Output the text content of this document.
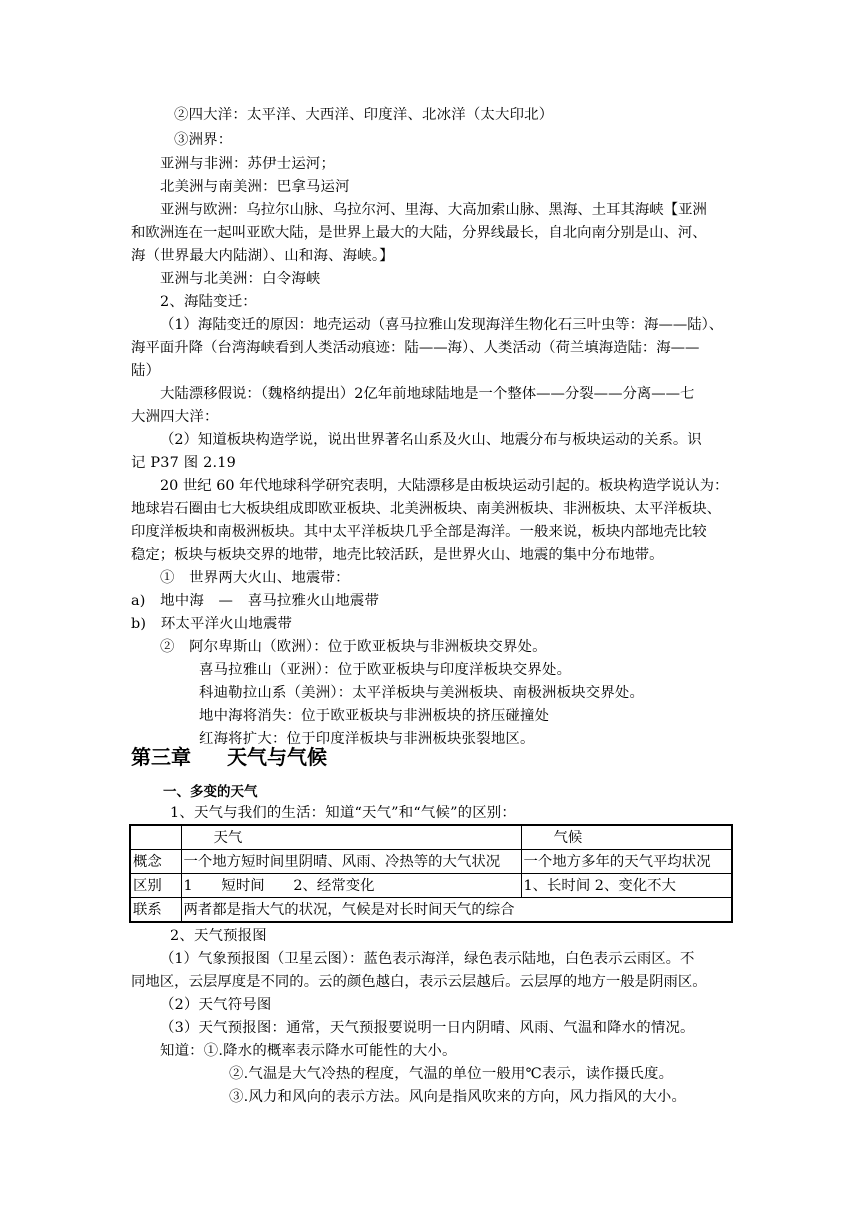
②四大洋：太平洋、大西洋、印度洋、北冰洋（太大印北）
③洲界：
亚洲与非洲：苏伊士运河；
北美洲与南美洲：巴拿马运河
亚洲与欧洲：乌拉尔山脉、乌拉尔河、里海、大高加索山脉、黑海、土耳其海峡【亚洲
和欧洲连在一起叫亚欧大陆，是世界上最大的大陆，分界线最长，自北向南分别是山、河、
海（世界最大内陆湖）、山和海、海峡。】
亚洲与北美洲：白令海峡
2、海陆变迁：
（1）海陆变迁的原因：地壳运动（喜马拉雅山发现海洋生物化石三叶虫等：海——陆）、
海平面升降（台湾海峡看到人类活动痕迹：陆——海）、人类活动（荷兰填海造陆：海——
陆）
大陆漂移假说：（魏格纳提出）2亿年前地球陆地是一个整体——分裂——分离——七
大洲四大洋：
（2）知道板块构造学说，说出世界著名山系及火山、地震分布与板块运动的关系。识
记 P37 图 2.19
20 世纪 60 年代地球科学研究表明，大陆漂移是由板块运动引起的。板块构造学说认为：
地球岩石圈由七大板块组成即欧亚板块、北美洲板块、南美洲板块、非洲板块、太平洋板块、
印度洋板块和南极洲板块。其中太平洋板块几乎全部是海洋。一般来说，板块内部地壳比较
稳定；板块与板块交界的地带，地壳比较活跃，是世界火山、地震的集中分布地带。
①　世界两大火山、地震带：
a)　地中海　—　喜马拉雅火山地震带
b)　环太平洋火山地震带
②　阿尔卑斯山（欧洲）：位于欧亚板块与非洲板块交界处。
喜马拉雅山（亚洲）：位于欧亚板块与印度洋板块交界处。
科迪勒拉山系（美洲）：太平洋板块与美洲板块、南极洲板块交界处。
地中海将消失：位于欧亚板块与非洲板块的挤压碰撞处
红海将扩大：位于印度洋板块与非洲板块张裂地区。
第三章 天气与气候
一、多变的天气
1、天气与我们的生活：知道“天气”和“气候”的区别：
	天气	气候
概念	一个地方短时间里阴晴、风雨、冷热等的大气状况	一个地方多年的天气平均状况
区别	1　　短时间　　2、经常变化	1、长时间 2、变化不大
联系	两者都是指大气的状况，气候是对长时间天气的综合	
2、天气预报图
（1）气象预报图（卫星云图）：蓝色表示海洋，绿色表示陆地，白色表示云雨区。不
同地区，云层厚度是不同的。云的颜色越白，表示云层越后。云层厚的地方一般是阴雨区。
（2）天气符号图
（3）天气预报图：通常，天气预报要说明一日内阴晴、风雨、气温和降水的情况。
知道：①.降水的概率表示降水可能性的大小。
②.气温是大气冷热的程度，气温的单位一般用℃表示，读作摄氏度。
③.风力和风向的表示方法。风向是指风吹来的方向，风力指风的大小。
